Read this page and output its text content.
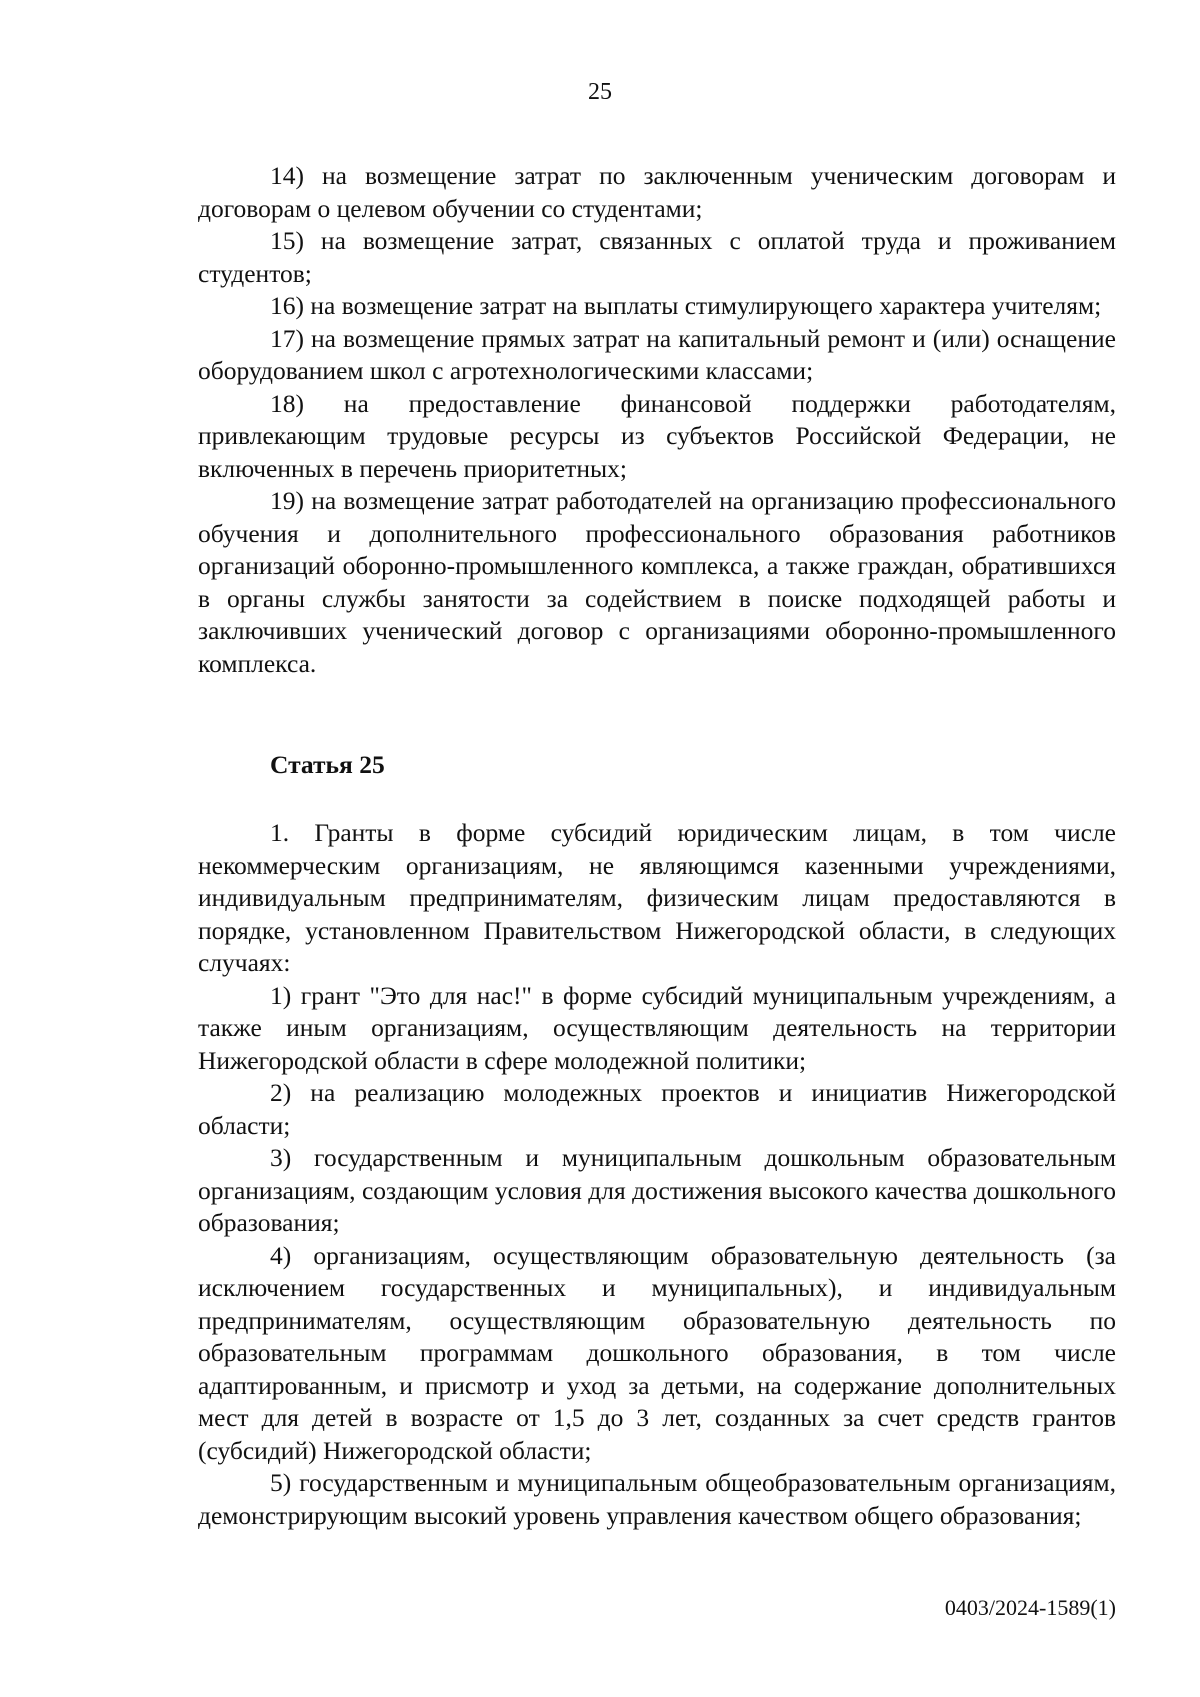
25

14) на возмещение затрат по заключенным ученическим договорам и договорам о целевом обучении со студентами;

15) на возмещение затрат, связанных с оплатой труда и проживанием студентов;

16) на возмещение затрат на выплаты стимулирующего характера учителям;

17) на возмещение прямых затрат на капитальный ремонт и (или) оснащение оборудованием школ с агротехнологическими классами;

18) на предоставление финансовой поддержки работодателям, привлекающим трудовые ресурсы из субъектов Российской Федерации, не включенных в перечень приоритетных;

19) на возмещение затрат работодателей на организацию профессионального обучения и дополнительного профессионального образования работников организаций оборонно-промышленного комплекса, а также граждан, обратившихся в органы службы занятости за содействием в поиске подходящей работы и заключивших ученический договор с организациями оборонно-промышленного комплекса.

Статья 25

1. Гранты в форме субсидий юридическим лицам, в том числе некоммерческим организациям, не являющимся казенными учреждениями, индивидуальным предпринимателям, физическим лицам предоставляются в порядке, установленном Правительством Нижегородской области, в следующих случаях:

1) грант "Это для нас!" в форме субсидий муниципальным учреждениям, а также иным организациям, осуществляющим деятельность на территории Нижегородской области в сфере молодежной политики;

2) на реализацию молодежных проектов и инициатив Нижегородской области;

3) государственным и муниципальным дошкольным образовательным организациям, создающим условия для достижения высокого качества дошкольного образования;

4) организациям, осуществляющим образовательную деятельность (за исключением государственных и муниципальных), и индивидуальным предпринимателям, осуществляющим образовательную деятельность по образовательным программам дошкольного образования, в том числе адаптированным, и присмотр и уход за детьми, на содержание дополнительных мест для детей в возрасте от 1,5 до 3 лет, созданных за счет средств грантов (субсидий) Нижегородской области;

5) государственным и муниципальным общеобразовательным организациям, демонстрирующим высокий уровень управления качеством общего образования;

0403/2024-1589(1)
